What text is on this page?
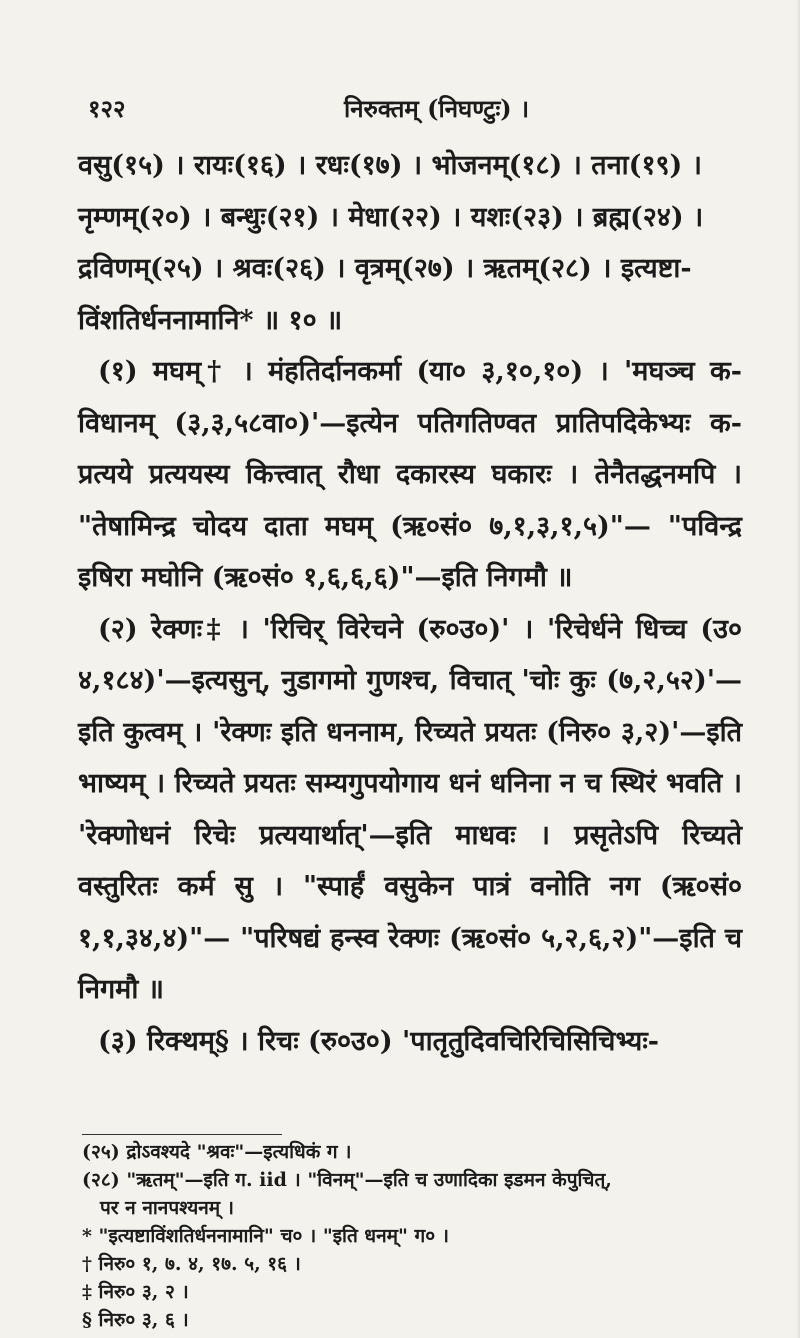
१२२	निरुक्तम् (निघण्टुः) ।

वसु(१५) । रायः(१६) । रधः(१७) । भोजनम्(१८) । तना(१९) ।

नृम्णम्(२०) । बन्धुः(२१) । मेधा(२२) । यशः(२३) । ब्रह्म(२४) ।

द्रविणम्(२५) । श्रवः(२६) । वृत्रम्(२७) । ऋतम्(२८) । इत्यष्टा-

विंशतिर्धननामानि* ॥ १० ॥

(१) मघम्† । मंहतिर्दानकर्मा (या० ३,१०,१०) । 'मघञ्च क-विधानम् (३,३,५८वा०)'—इत्येन पतिगतिण्वत प्रातिपदिकेभ्यः क-प्रत्यये प्रत्ययस्य कित्त्वात् रौधा दकारस्य घकारः । तेनैतद्धनमपि । "तेषामिन्द्र चोदय दाता मघम् (ऋ०सं० ७,१,३,१,५)"— "पविन्द्र इषिरा मघोनि (ऋ०सं० १,६,६,६)"—इति निगमौ ॥

(२) रेक्णः‡ । 'रिचिर् विरेचने (रु०उ०)' । 'रिचेर्धने धिच्च (उ० ४,१८४)'—इत्यसुन्, नुडागमो गुणश्च, विचात् 'चोः कुः (७,२,५२)'—इति कुत्वम् । 'रेक्णः इति धननाम, रिच्यते प्रयतः (निरु० ३,२)'—इति भाष्यम् । रिच्यते प्रयतः सम्यगुपयोगाय धनं धनिना न च स्थिरं भवति । 'रेक्णोधनं रिचेः प्रत्ययार्थात्'—इति माधवः । प्रसृतेऽपि रिच्यते वस्तुरितः कर्म सु । "स्पार्हं वसुकेन पात्रं वनोति नग (ऋ०सं० १,१,३४,४)"— "परिषद्यं हन्स्व रेक्णः (ऋ०सं० ५,२,६,२)"—इति च निगमौ ॥

(३) रिक्थम्§ । रिचः (रु०उ०) 'पातृतुदिवचिरिचिसिचिभ्यः-

(२५) द्रोऽवश्यदे "श्रवः"—इत्यधिकं ग ।

(२८) "ऋतम्"—इति ग. iid । "विनम्"—इति च उणादिका इडमन केपुचित्,

पर न नानपश्यनम् ।

* "इत्यष्टाविंशतिर्धननामानि" च० । "इति धनम्" ग० ।

† निरु० १, ७. ४, १७. ५, १६ ।

‡ निरु० ३, २ ।

§ निरु० ३, ६ ।
